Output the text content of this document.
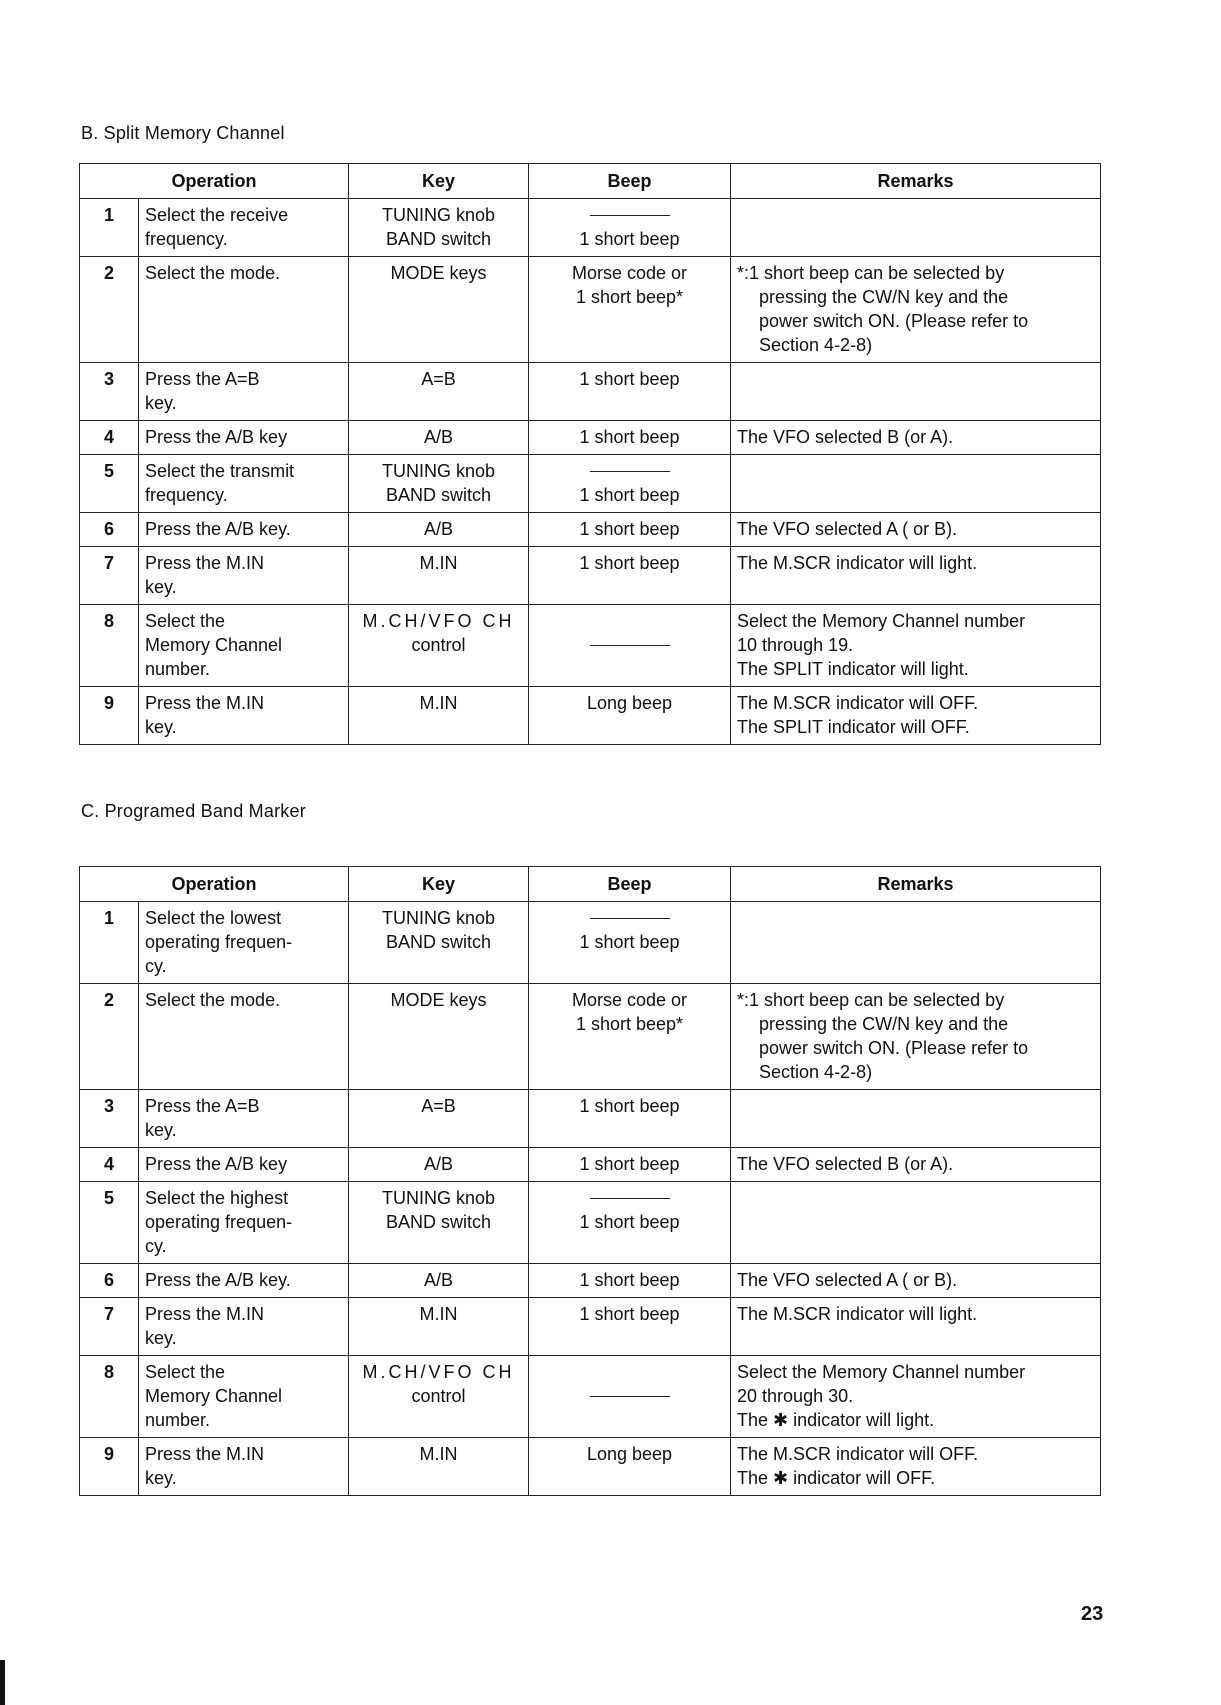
B. Split Memory Channel
Operation		Key	Beep	Remarks
1	Select the receive
frequency.	TUNING knob
BAND switch	1 short beep	

2	Select the mode.	MODE keys	Morse code or
1 short beep*	*:1 short beep can be selected by
pressing the CW/N key and the
power switch ON. (Please refer to
Section 4-2-8)

3	Press the A=B
key.	A=B	1 short beep	

4	Press the A/B key	A/B	1 short beep	The VFO selected B (or A).

5	Select the transmit
frequency.	TUNING knob
BAND switch	1 short beep	

6	Press the A/B key.	A/B	1 short beep	The VFO selected A ( or B).

7	Press the M.IN
key.	M.IN	1 short beep	The M.SCR indicator will light.

8	Select the
Memory Channel
number.	M.CH/VFO CH
control		Select the Memory Channel number
10 through 19.
The SPLIT indicator will light.

9	Press the M.IN
key.	M.IN	Long beep	The M.SCR indicator will OFF.
The SPLIT indicator will OFF.
C. Programed Band Marker
Operation		Key	Beep	Remarks
1	Select the lowest
operating frequen-
cy.	TUNING knob
BAND switch	1 short beep	

2	Select the mode.	MODE keys	Morse code or
1 short beep*	*:1 short beep can be selected by
pressing the CW/N key and the
power switch ON. (Please refer to
Section 4-2-8)

3	Press the A=B
key.	A=B	1 short beep	

4	Press the A/B key	A/B	1 short beep	The VFO selected B (or A).

5	Select the highest
operating frequen-
cy.	TUNING knob
BAND switch	1 short beep	

6	Press the A/B key.	A/B	1 short beep	The VFO selected A ( or B).

7	Press the M.IN
key.	M.IN	1 short beep	The M.SCR indicator will light.

8	Select the
Memory Channel
number.	M.CH/VFO CH
control		Select the Memory Channel number
20 through 30.
The ✱ indicator will light.

9	Press the M.IN
key.	M.IN	Long beep	The M.SCR indicator will OFF.
The ✱ indicator will OFF.
23
